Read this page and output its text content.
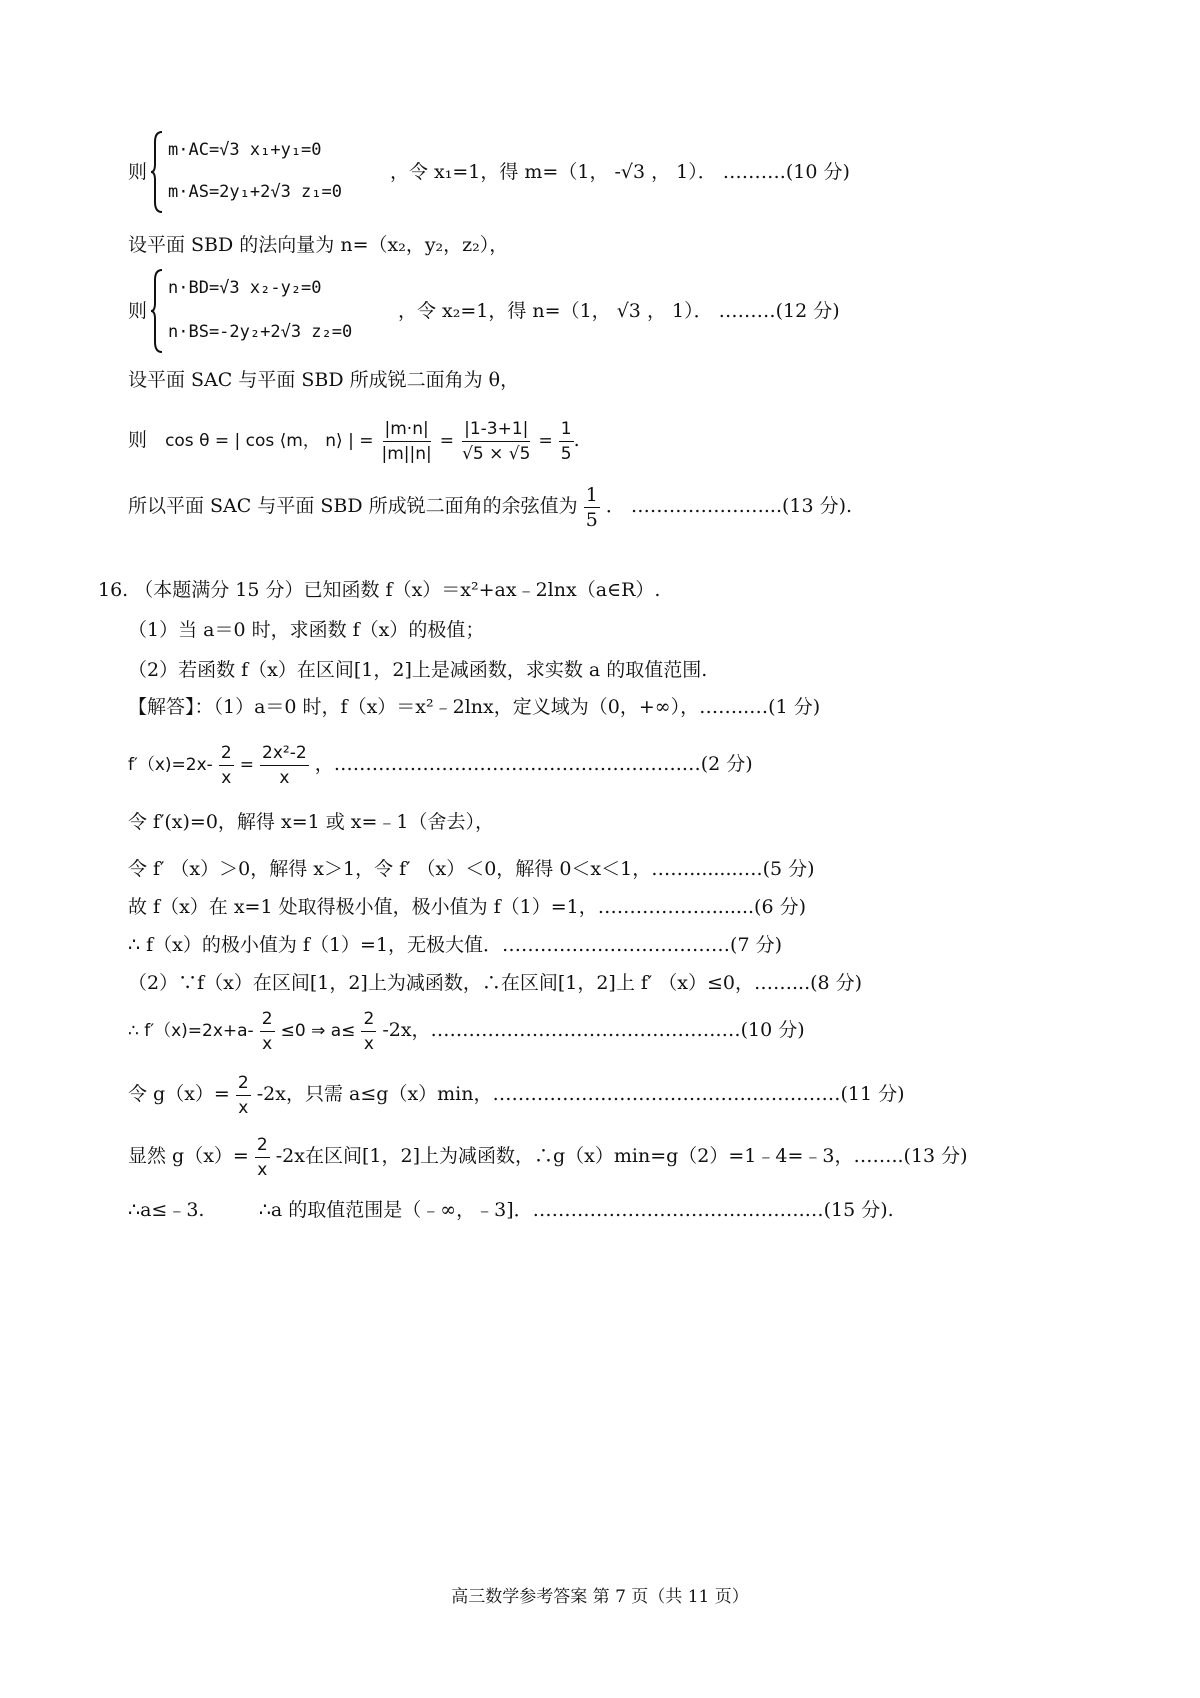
则
m·AC=√3 x₁+y₁=0
m·AS=2y₁+2√3 z₁=0
，令 x₁=1，得 m=（1， -√3 ， 1）． ……….(10 分)
设平面 SBD 的法向量为 n=（x₂，y₂，z₂），
则
n·BD=√3 x₂-y₂=0
n·BS=-2y₂+2√3 z₂=0
，令 x₂=1，得 n=（1， √3 ， 1）． ………(12 分)
设平面 SAC 与平面 SBD 所成锐二面角为 θ，
则 cos θ = | cos ⟨m， n⟩ | = $\frac{|m\cdot n|}{|m||n|} = \frac{|1-3+1|}{√5 \times √5} = \frac{1}{5}$ .
所以平面 SAC 与平面 SBD 所成锐二面角的余弦值为 $\frac{1}{5}$ ． …………………...(13 分).
16. （本题满分 15 分）已知函数 f（x）＝x²+ax﹣2lnx（a∈R）.
（1）当 a＝0 时，求函数 f（x）的极值；
（2）若函数 f（x）在区间[1，2]上是减函数，求实数 a 的取值范围.
【解答】：（1）a＝0 时，f（x）＝x²﹣2lnx，定义域为（0，+∞），……..…(1 分)
$f'(x)=2x- \frac{2}{x} = \frac{\text{2x²-2}}{x}$ ，……………………………………………….…(2 分)
令 f′(x)=0，解得 x=1 或 x=﹣1（舍去），
令 f′ （x）＞0，解得 x＞1，令 f′ （x）＜0，解得 0＜x＜1，……........….(5 分)
故 f（x）在 x=1 处取得极小值，极小值为 f（1）=1，……………….......(6 分)
∴ f（x）的极小值为 f（1）=1，无极大值．………………………………(7 分)
（2）∵f（x）在区间[1，2]上为减函数，∴在区间[1，2]上 f′ （x）≤0，……...(8 分)
∴ $f'(x)=2x+a- \frac{2}{x} \le 0$ ⇒ $a\le \frac{2}{x} -2x$，……………………………………….…(10 分)
令 $g(x)= \frac{2}{x} -2x$，只需 a≤g（x）min，…………………………………….…………(11 分)
显然 $g(x)= \frac{2}{x} -2x$在区间[1，2]上为减函数，∴g（x）min=g（2）=1﹣4=﹣3，……..(13 分)
∴a≤﹣3.         ∴a 的取值范围是（﹣∞，﹣3]．…………………………………….…(15 分).
高三数学参考答案 第 7 页（共 11 页）
